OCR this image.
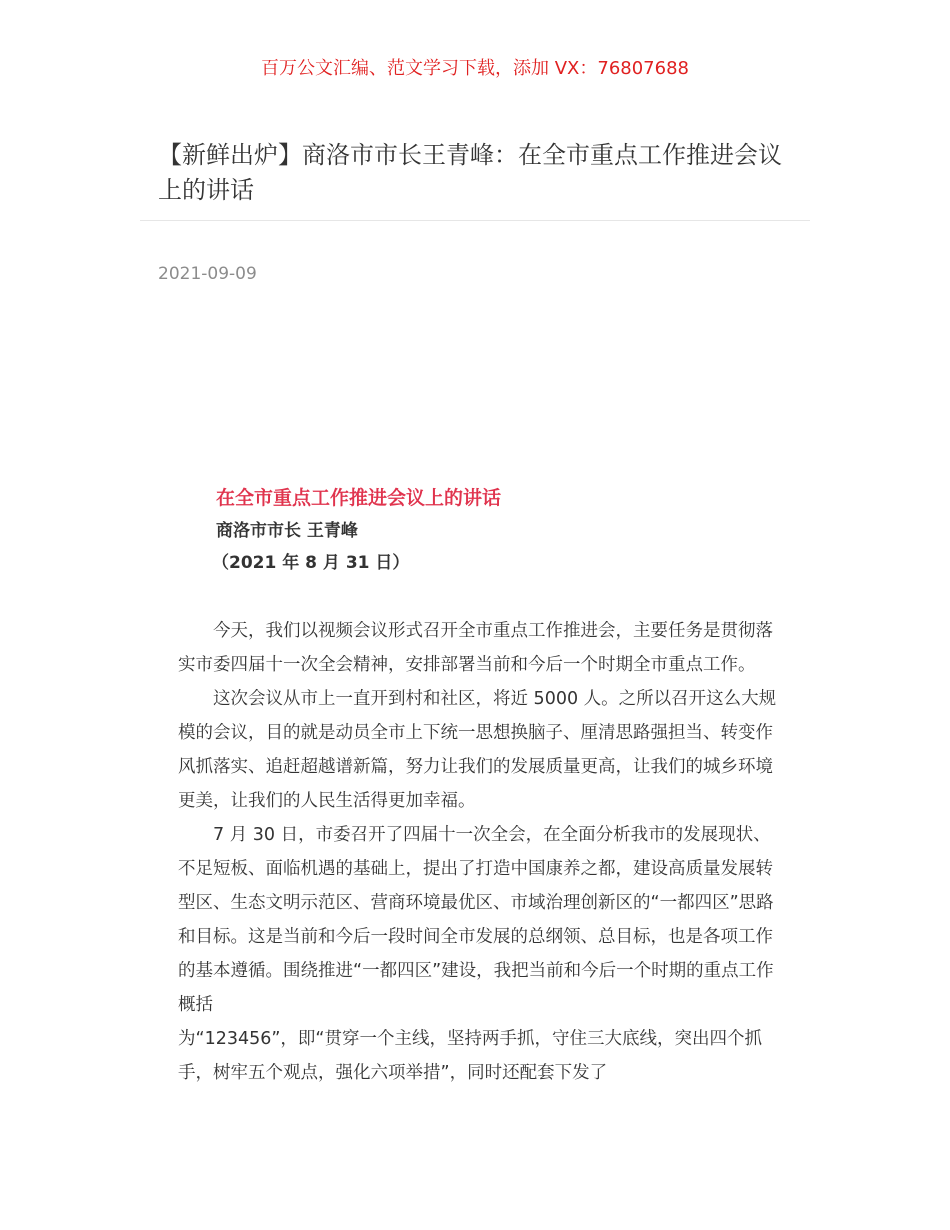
百万公文汇编、范文学习下载，添加 VX：76807688
【新鲜出炉】商洛市市长王青峰：在全市重点工作推进会议上的讲话
2021-09-09
在全市重点工作推进会议上的讲话
商洛市市长 王青峰
（2021 年 8 月 31 日）

今天，我们以视频会议形式召开全市重点工作推进会，主要任务是贯彻落实市委四届十一次全会精神，安排部署当前和今后一个时期全市重点工作。

这次会议从市上一直开到村和社区，将近 5000 人。之所以召开这么大规模的会议，目的就是动员全市上下统一思想换脑子、厘清思路强担当、转变作风抓落实、追赶超越谱新篇，努力让我们的发展质量更高，让我们的城乡环境更美，让我们的人民生活得更加幸福。

7 月 30 日，市委召开了四届十一次全会，在全面分析我市的发展现状、不足短板、面临机遇的基础上，提出了打造中国康养之都，建设高质量发展转型区、生态文明示范区、营商环境最优区、市域治理创新区的“一都四区”思路和目标。这是当前和今后一段时间全市发展的总纲领、总目标，也是各项工作的基本遵循。围绕推进“一都四区”建设，我把当前和今后一个时期的重点工作概括

为“123456”，即“贯穿一个主线，坚持两手抓，守住三大底线，突出四个抓手，树牢五个观点，强化六项举措”，同时还配套下发了
